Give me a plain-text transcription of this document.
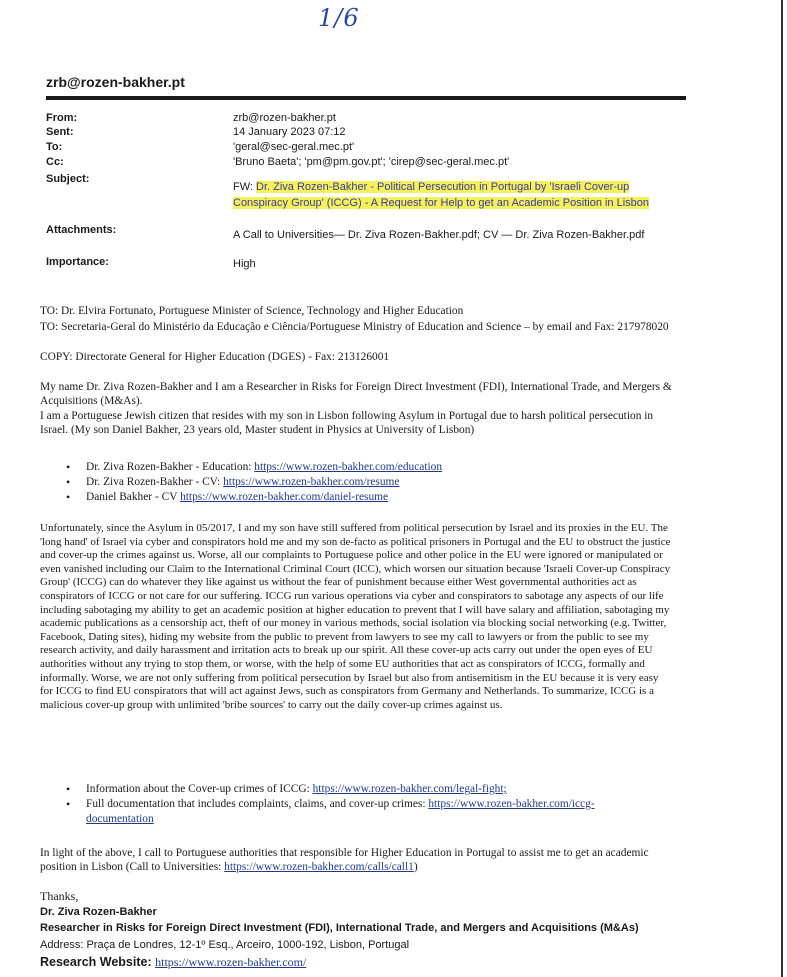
1/6
zrb@rozen-bakher.pt
From:
Sent:
To:
Cc:
Subject:
Attachments:
Importance:
zrb@rozen-bakher.pt
14 January 2023 07:12
'geral@sec-geral.mec.pt'
'Bruno Baeta'; 'pm@pm.gov.pt'; 'cirep@sec-geral.mec.pt'
A Call to Universities— Dr. Ziva Rozen-Bakher.pdf; CV — Dr. Ziva Rozen-Bakher.pdf
High
FW: Dr. Ziva Rozen-Bakher - Political Persecution in Portugal by 'Israeli Cover-up Conspiracy Group' (ICCG) - A Request for Help to get an Academic Position in Lisbon
TO: Dr. Elvira Fortunato, Portuguese Minister of Science, Technology and Higher Education
TO: Secretaria-Geral do Ministério da Educação e Ciência/Portuguese Ministry of Education and Science – by email and Fax: 217978020
COPY: Directorate General for Higher Education (DGES) - Fax: 213126001
My name Dr. Ziva Rozen-Bakher and I am a Researcher in Risks for Foreign Direct Investment (FDI), International Trade, and Mergers & Acquisitions (M&As).
I am a Portuguese Jewish citizen that resides with my son in Lisbon following Asylum in Portugal due to harsh political persecution in Israel. (My son Daniel Bakher, 23 years old, Master student in Physics at University of Lisbon)
• Dr. Ziva Rozen-Bakher - Education: https://www.rozen-bakher.com/education
• Dr. Ziva Rozen-Bakher - CV: https://www.rozen-bakher.com/resume
• Daniel Bakher - CV https://www.rozen-bakher.com/daniel-resume
Unfortunately, since the Asylum in 05/2017, I and my son have still suffered from political persecution by Israel and its proxies in the EU. The 'long hand' of Israel via cyber and conspirators hold me and my son de-facto as political prisoners in Portugal and the EU to obstruct the justice and cover-up the crimes against us. Worse, all our complaints to Portuguese police and other police in the EU were ignored or manipulated or even vanished including our Claim to the International Criminal Court (ICC), which worsen our situation because 'Israeli Cover-up Conspiracy Group' (ICCG) can do whatever they like against us without the fear of punishment because either West governmental authorities act as conspirators of ICCG or not care for our suffering. ICCG run various operations via cyber and conspirators to sabotage any aspects of our life including sabotaging my ability to get an academic position at higher education to prevent that I will have salary and affiliation, sabotaging my academic publications as a censorship act, theft of our money in various methods, social isolation via blocking social networking (e.g. Twitter, Facebook, Dating sites), hiding my website from the public to prevent from lawyers to see my call to lawyers or from the public to see my research activity, and daily harassment and irritation acts to break up our spirit. All these cover-up acts carry out under the open eyes of EU authorities without any trying to stop them, or worse, with the help of some EU authorities that act as conspirators of ICCG, formally and informally. Worse, we are not only suffering from political persecution by Israel but also from antisemitism in the EU because it is very easy for ICCG to find EU conspirators that will act against Jews, such as conspirators from Germany and Netherlands. To summarize, ICCG is a malicious cover-up group with unlimited 'bribe sources' to carry out the daily cover-up crimes against us.
• Information about the Cover-up crimes of ICCG: https://www.rozen-bakher.com/legal-fight;
• Full documentation that includes complaints, claims, and cover-up crimes: https://www.rozen-bakher.com/iccg-documentation
In light of the above, I call to Portuguese authorities that responsible for Higher Education in Portugal to assist me to get an academic position in Lisbon (Call to Universities: https://www.rozen-bakher.com/calls/call1)
Thanks,
Dr. Ziva Rozen-Bakher
Researcher in Risks for Foreign Direct Investment (FDI), International Trade, and Mergers and Acquisitions (M&As)
Address: Praça de Londres, 12-1º Esq., Arceiro, 1000-192, Lisbon, Portugal
Research Website: https://www.rozen-bakher.com/
